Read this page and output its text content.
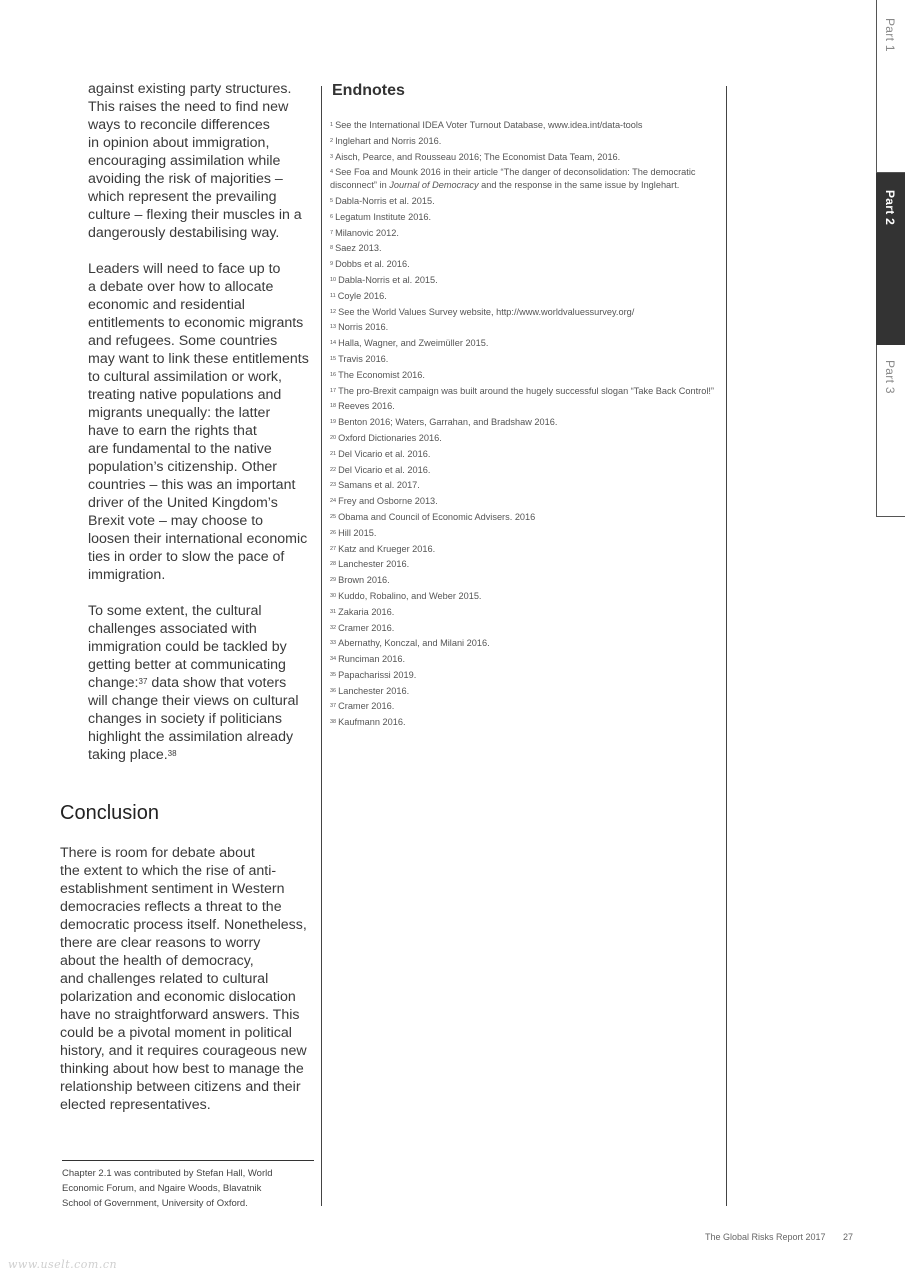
against existing party structures.
This raises the need to find new
ways to reconcile differences
in opinion about immigration,
encouraging assimilation while
avoiding the risk of majorities –
which represent the prevailing
culture – flexing their muscles in a
dangerously destabilising way.

Leaders will need to face up to
a debate over how to allocate
economic and residential
entitlements to economic migrants
and refugees. Some countries
may want to link these entitlements
to cultural assimilation or work,
treating native populations and
migrants unequally: the latter
have to earn the rights that
are fundamental to the native
population’s citizenship. Other
countries – this was an important
driver of the United Kingdom’s
Brexit vote – may choose to
loosen their international economic
ties in order to slow the pace of
immigration.

To some extent, the cultural
challenges associated with
immigration could be tackled by
getting better at communicating
change:$^{37}$ data show that voters
will change their views on cultural
changes in society if politicians
highlight the assimilation already
taking place.$^{38}$

Conclusion

There is room for debate about
the extent to which the rise of anti-
establishment sentiment in Western
democracies reflects a threat to the
democratic process itself. Nonetheless,
there are clear reasons to worry
about the health of democracy,
and challenges related to cultural
polarization and economic dislocation
have no straightforward answers. This
could be a pivotal moment in political
history, and it requires courageous new
thinking about how best to manage the
relationship between citizens and their
elected representatives.

Chapter 2.1 was contributed by Stefan Hall, World
Economic Forum, and Ngaire Woods, Blavatnik
School of Government, University of Oxford.
Endnotes
$^1$ See the International IDEA Voter Turnout Database, www.idea.int/data-tools
$^2$ Inglehart and Norris 2016.
$^3$ Aisch, Pearce, and Rousseau 2016; The Economist Data Team, 2016.
$^4$ See Foa and Mounk 2016 in their article “The danger of deconsolidation: The democratic disconnect” in Journal of Democracy and the response in the same issue by Inglehart.
$^5$ Dabla-Norris et al. 2015.
$^6$ Legatum Institute 2016.
$^7$ Milanovic 2012.
$^8$ Saez 2013.
$^9$ Dobbs et al. 2016.
$^{10}$ Dabla-Norris et al. 2015.
$^{11}$ Coyle 2016.
$^{12}$ See the World Values Survey website, http://www.worldvaluessurvey.org/
$^{13}$ Norris 2016.
$^{14}$ Halla, Wagner, and Zweimüller 2015.
$^{15}$ Travis 2016.
$^{16}$ The Economist 2016.
$^{17}$ The pro-Brexit campaign was built around the hugely successful slogan “Take Back Control!”
$^{18}$ Reeves 2016.
$^{19}$ Benton 2016; Waters, Garrahan, and Bradshaw 2016.
$^{20}$ Oxford Dictionaries 2016.
$^{21}$ Del Vicario et al. 2016.
$^{22}$ Del Vicario et al. 2016.
$^{23}$ Samans et al. 2017.
$^{24}$ Frey and Osborne 2013.
$^{25}$ Obama and Council of Economic Advisers. 2016
$^{26}$ Hill 2015.
$^{27}$ Katz and Krueger 2016.
$^{28}$ Lanchester 2016.
$^{29}$ Brown 2016.
$^{30}$ Kuddo, Robalino, and Weber 2015.
$^{31}$ Zakaria 2016.
$^{32}$ Cramer 2016.
$^{33}$ Abernathy, Konczal, and Milani 2016.
$^{34}$ Runciman 2016.
$^{35}$ Papacharissi 2019.
$^{36}$ Lanchester 2016.
$^{37}$ Cramer 2016.
$^{38}$ Kaufmann 2016.
Part 1
Part 2
Part 3
The Global Risks Report 2017 27
www.uselt.com.cn
